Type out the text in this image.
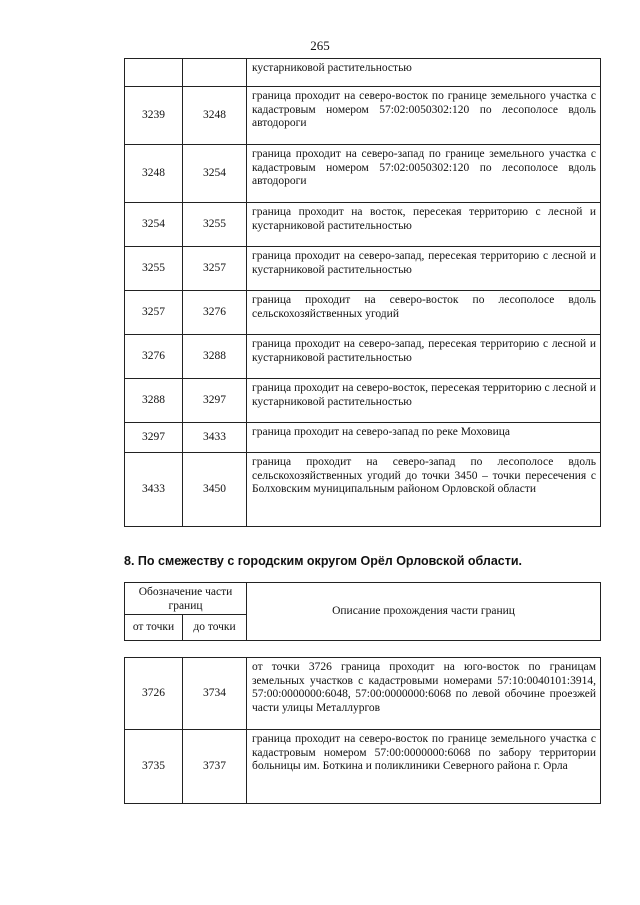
265
		кустарниковой растительностью
3239	3248	граница проходит на северо-восток по границе земельного участка с кадастровым номером 57:02:0050302:120 по лесополосе вдоль автодороги
3248	3254	граница проходит на северо-запад по границе земельного участка с кадастровым номером 57:02:0050302:120 по лесополосе вдоль автодороги
3254	3255	граница проходит на восток, пересекая территорию с лесной и кустарниковой растительностью
3255	3257	граница проходит на северо-запад, пересекая территорию с лесной и кустарниковой растительностью
3257	3276	граница проходит на северо-восток по лесополосе вдоль сельскохозяйственных угодий
3276	3288	граница проходит на северо-запад, пересекая территорию с лесной и кустарниковой растительностью
3288	3297	граница проходит на северо-восток, пересекая территорию с лесной и кустарниковой растительностью
3297	3433	граница проходит на северо-запад по реке Моховица
3433	3450	граница проходит на северо-запад по лесополосе вдоль сельскохозяйственных угодий до точки 3450 – точки пересечения с Болховским муниципальным районом Орловской области
8. По смежеству с городским округом Орёл Орловской области.
Обозначение части границ		Описание прохождения части границ
от точки	до точки	
3726	3734	от точки 3726 граница проходит на юго-восток по границам земельных участков с кадастровыми номерами 57:10:0040101:3914, 57:00:0000000:6048, 57:00:0000000:6068 по левой обочине проезжей части улицы Металлургов
3735	3737	граница проходит на северо-восток по границе земельного участка с кадастровым номером 57:00:0000000:6068 по забору территории больницы им. Боткина и поликлиники Северного района г. Орла
